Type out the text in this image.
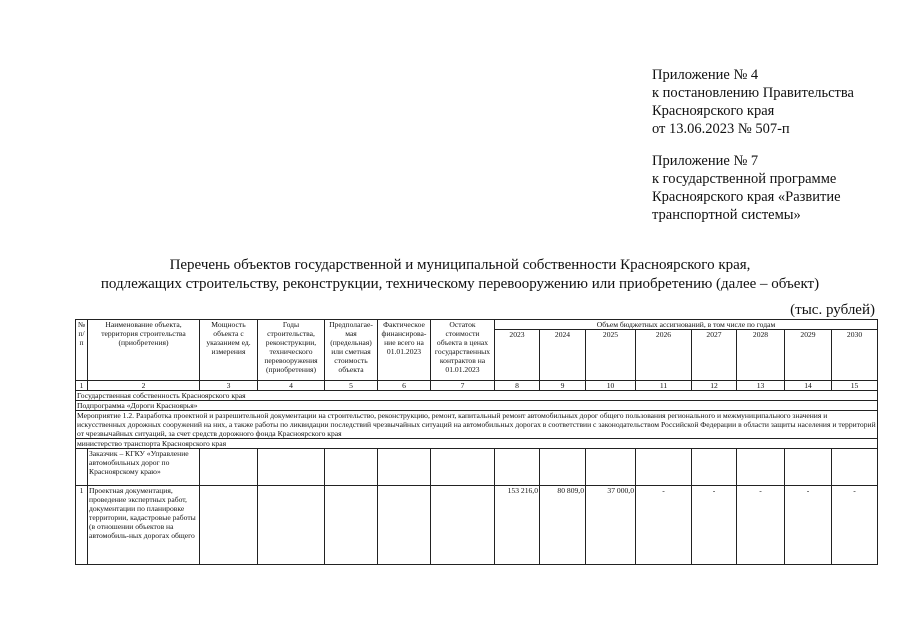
Приложение № 4
к постановлению Правительства
Красноярского края
от 13.06.2023 № 507-п
Приложение № 7
к государственной программе
Красноярского края «Развитие
транспортной системы»
Перечень объектов государственной и муниципальной собственности Красноярского края,
подлежащих строительству, реконструкции, техническому перевооружению или приобретению (далее – объект)
(тыс. рублей)
№ п/п	Наименование объекта, территория строительства (приобретения)	Мощность объекта с указанием ед. измерения	Годы строительства, реконструкции, технического перевооружения (приобретения)	Предполагае-мая (предельная) или сметная стоимость объекта	Фактическое финансирова-ние всего на 01.01.2023	Остаток стоимости объекта в ценах государственных контрактов на 01.01.2023	Объем бюджетных ассигнований, в том числе по годам							
							2023	2024	2025	2026	2027	2028	2029	2030
1	2	3	4	5	6	7	8	9	10	11	12	13	14	15
Государственная собственность Красноярского края														
Подпрограмма «Дороги Красноярья»														
Мероприятие 1.2. Разработка проектной и разрешительной документации на строительство, реконструкцию, ремонт, капитальный ремонт автомобильных дорог общего пользования регионального и межмуниципального значения и искусственных дорожных сооружений на них, а также работы по ликвидации последствий чрезвычайных ситуаций на автомобильных дорогах в соответствии с законодательством Российской Федерации в области защиты населения и территорий от чрезвычайных ситуаций, за счет средств дорожного фонда Красноярского края														
министерство транспорта Красноярского края														
	Заказчик – КГКУ «Управление автомобильных дорог по Красноярскому краю»													
1	Проектная документация, проведение экспертных работ, документации по планировке территории, кадастровые работы (в отношении объектов на автомобиль-ных дорогах общего						153 216,0	80 809,0	37 000,0	-	-	-	-	-
